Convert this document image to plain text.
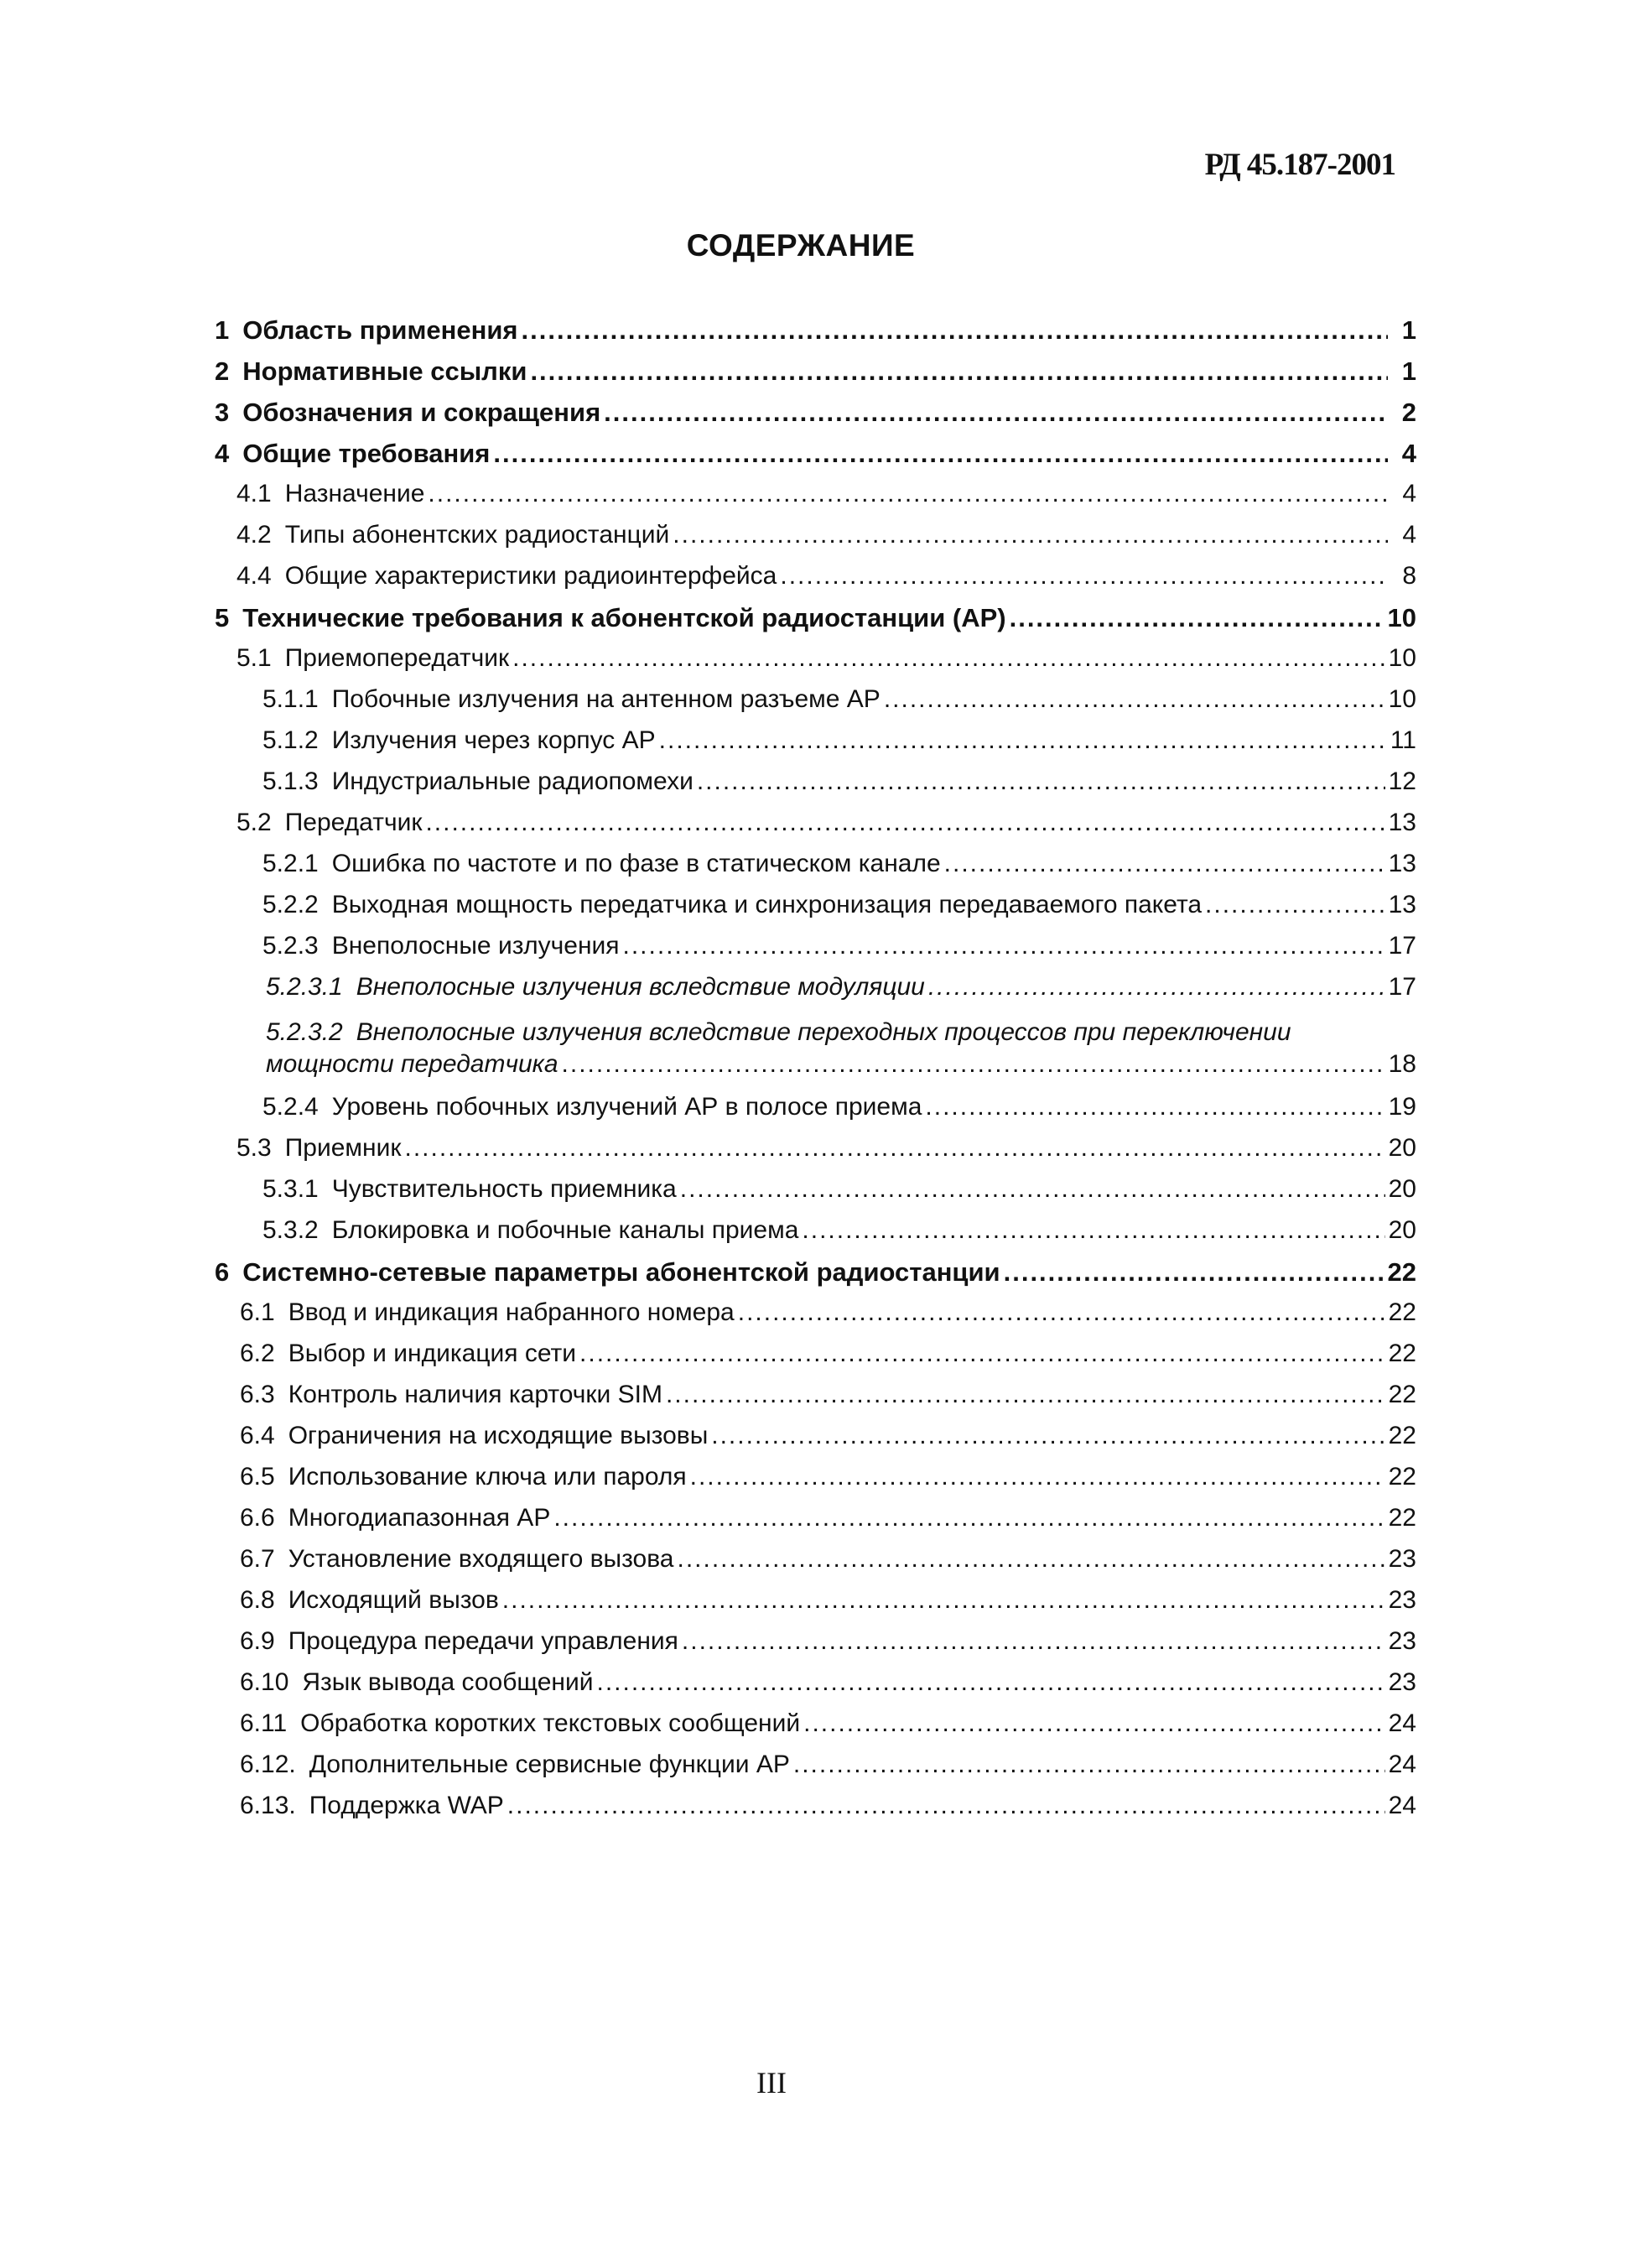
РД 45.187-2001
СОДЕРЖАНИЕ
1 Область применения .....	1
2 Нормативные ссылки .....	1
3 Обозначения и сокращения .....	2
4 Общие требования .....	4
4.1 Назначение .....	4
4.2 Типы абонентских радиостанций .....	4
4.4 Общие характеристики радиоинтерфейса .....	8
5 Технические требования к абонентской радиостанции (АР) .....	10
5.1 Приемопередатчик .....	10
5.1.1 Побочные излучения на антенном разъеме АР .....	10
5.1.2 Излучения через корпус АР .....	11
5.1.3 Индустриальные радиопомехи .....	12
5.2 Передатчик .....	13
5.2.1 Ошибка по частоте и по фазе в статическом канале .....	13
5.2.2 Выходная мощность передатчика и синхронизация передаваемого пакета .....	13
5.2.3 Внеполосные излучения .....	17
5.2.3.1 Внеполосные излучения вследствие модуляции .....	17
5.2.3.2 Внеполосные излучения вследствие переходных процессов при переключении
мощности передатчика .....	18
5.2.4 Уровень побочных излучений АР в полосе приема .....	19
5.3 Приемник .....	20
5.3.1 Чувствительность приемника .....	20
5.3.2 Блокировка и побочные каналы приема .....	20
6 Системно-сетевые параметры абонентской радиостанции .....	22
6.1 Ввод и индикация набранного номера .....	22
6.2 Выбор и индикация сети .....	22
6.3 Контроль наличия карточки SIM .....	22
6.4 Ограничения на исходящие вызовы .....	22
6.5 Использование ключа или пароля .....	22
6.6 Многодиапазонная АР .....	22
6.7 Установление входящего вызова .....	23
6.8 Исходящий вызов .....	23
6.9 Процедура передачи управления .....	23
6.10 Язык вывода сообщений .....	23
6.11 Обработка коротких текстовых сообщений .....	24
6.12. Дополнительные сервисные функции АР .....	24
6.13. Поддержка WAP .....	24
III
